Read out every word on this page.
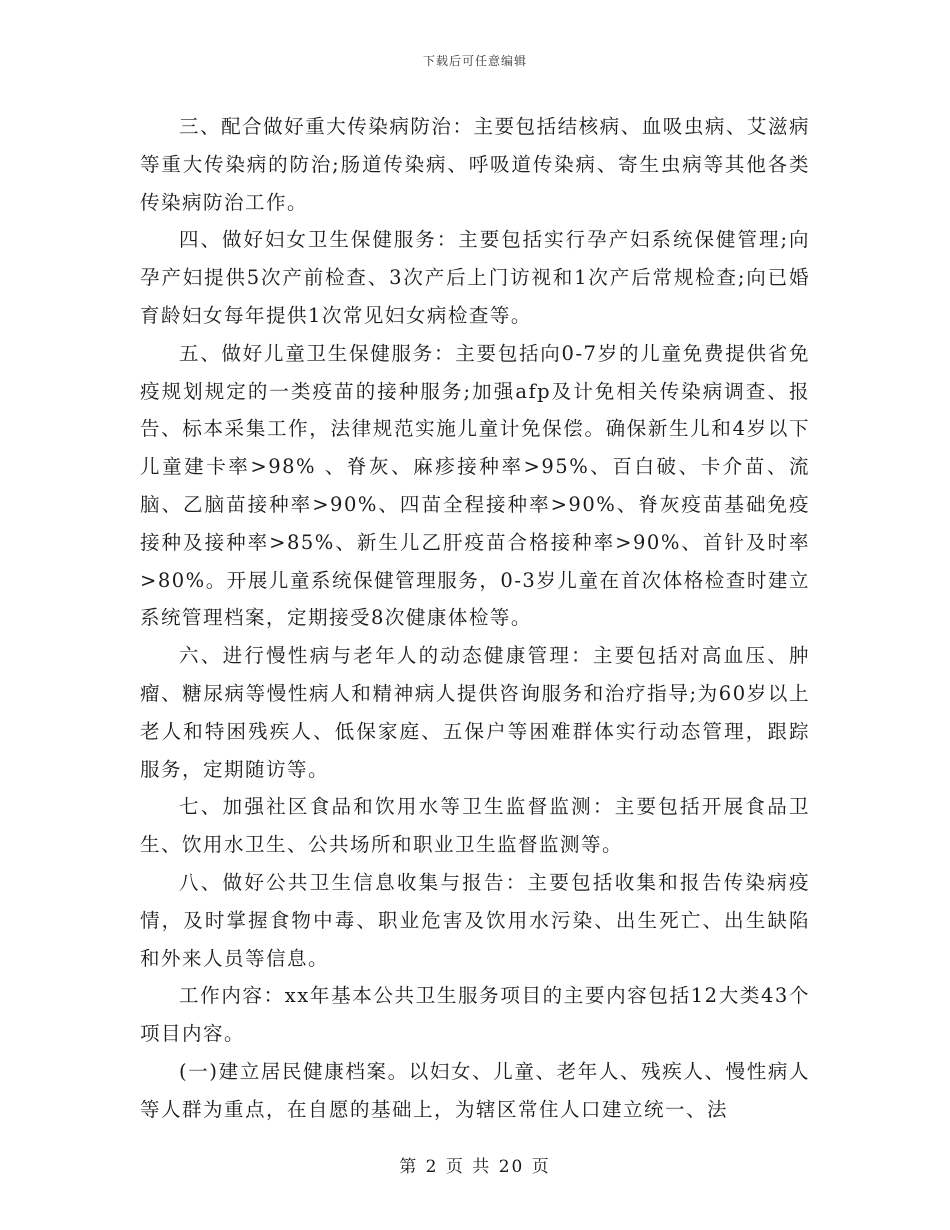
下载后可任意编辑

三、配合做好重大传染病防治：主要包括结核病、血吸虫病、艾滋病等重大传染病的防治;肠道传染病、呼吸道传染病、寄生虫病等其他各类传染病防治工作。

四、做好妇女卫生保健服务：主要包括实行孕产妇系统保健管理;向孕产妇提供5次产前检查、3次产后上门访视和1次产后常规检查;向已婚育龄妇女每年提供1次常见妇女病检查等。

五、做好儿童卫生保健服务：主要包括向0-7岁的儿童免费提供省免疫规划规定的一类疫苗的接种服务;加强afp及计免相关传染病调查、报告、标本采集工作，法律规范实施儿童计免保偿。确保新生儿和4岁以下儿童建卡率>98% 、脊灰、麻疹接种率>95%、百白破、卡介苗、流脑、乙脑苗接种率>90%、四苗全程接种率>90%、脊灰疫苗基础免疫接种及接种率>85%、新生儿乙肝疫苗合格接种率>90%、首针及时率>80%。开展儿童系统保健管理服务，0-3岁儿童在首次体格检查时建立系统管理档案，定期接受8次健康体检等。

六、进行慢性病与老年人的动态健康管理：主要包括对高血压、肿瘤、糖尿病等慢性病人和精神病人提供咨询服务和治疗指导;为60岁以上老人和特困残疾人、低保家庭、五保户等困难群体实行动态管理，跟踪服务，定期随访等。

七、加强社区食品和饮用水等卫生监督监测：主要包括开展食品卫生、饮用水卫生、公共场所和职业卫生监督监测等。

八、做好公共卫生信息收集与报告：主要包括收集和报告传染病疫情，及时掌握食物中毒、职业危害及饮用水污染、出生死亡、出生缺陷和外来人员等信息。

工作内容：xx年基本公共卫生服务项目的主要内容包括12大类43个项目内容。

(一)建立居民健康档案。以妇女、儿童、老年人、残疾人、慢性病人等人群为重点，在自愿的基础上，为辖区常住人口建立统一、法

第 2 页 共 20 页
